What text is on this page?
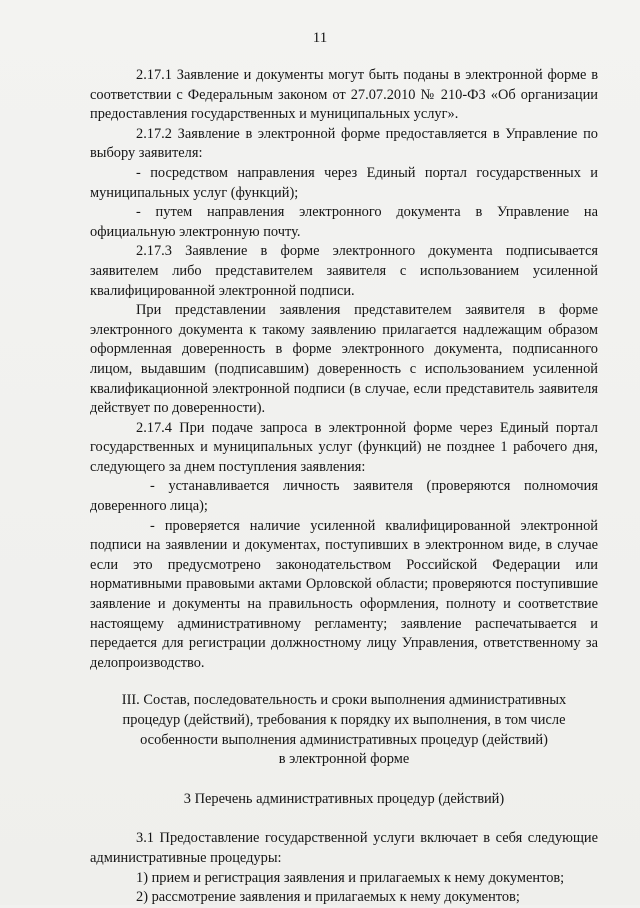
11

2.17.1 Заявление и документы могут быть поданы в электронной форме в соответствии с Федеральным законом от 27.07.2010 № 210-ФЗ «Об организации предоставления государственных и муниципальных услуг».

2.17.2 Заявление в электронной форме предоставляется в Управление по выбору заявителя:

- посредством направления через Единый портал государственных и муниципальных услуг (функций);

- путем направления электронного документа в Управление на официальную электронную почту.

2.17.3 Заявление в форме электронного документа подписывается заявителем либо представителем заявителя с использованием усиленной квалифицированной электронной подписи.

При представлении заявления представителем заявителя в форме электронного документа к такому заявлению прилагается надлежащим образом оформленная доверенность в форме электронного документа, подписанного лицом, выдавшим (подписавшим) доверенность с использованием усиленной квалификационной электронной подписи (в случае, если представитель заявителя действует по доверенности).

2.17.4 При подаче запроса в электронной форме через Единый портал государственных и муниципальных услуг (функций) не позднее 1 рабочего дня, следующего за днем поступления заявления:

- устанавливается личность заявителя (проверяются полномочия доверенного лица);

- проверяется наличие усиленной квалифицированной электронной подписи на заявлении и документах, поступивших в электронном виде, в случае если это предусмотрено законодательством Российской Федерации или нормативными правовыми актами Орловской области; проверяются поступившие заявление и документы на правильность оформления, полноту и соответствие настоящему административному регламенту; заявление распечатывается и передается для регистрации должностному лицу Управления, ответственному за делопроизводство.

III. Состав, последовательность и сроки выполнения административных

процедур (действий), требования к порядку их выполнения, в том числе

особенности выполнения административных процедур (действий)

в электронной форме

3 Перечень административных процедур (действий)

3.1 Предоставление государственной услуги включает в себя следующие административные процедуры:

1) прием и регистрация заявления и прилагаемых к нему документов;

2) рассмотрение заявления и прилагаемых к нему документов;
